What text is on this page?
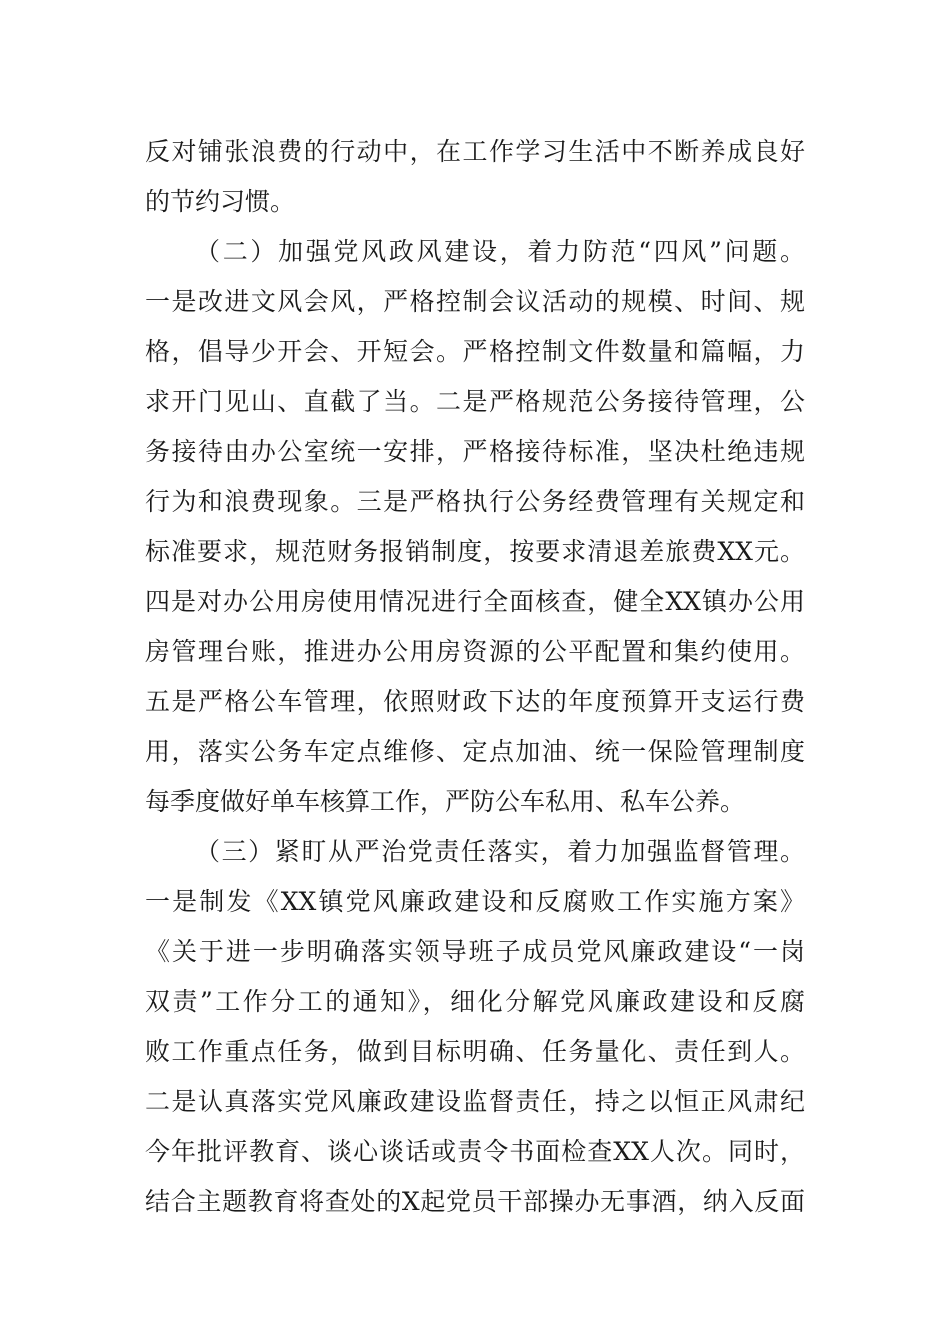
反对铺张浪费的行动中，在工作学习生活中不断养成良好
的节约习惯。
（二）加强党风政风建设，着力防范“四风”问题。
一是改进文风会风，严格控制会议活动的规模、时间、规
格，倡导少开会、开短会。严格控制文件数量和篇幅，力
求开门见山、直截了当。二是严格规范公务接待管理，公
务接待由办公室统一安排，严格接待标准，坚决杜绝违规
行为和浪费现象。三是严格执行公务经费管理有关规定和
标准要求，规范财务报销制度，按要求清退差旅费XX元。
四是对办公用房使用情况进行全面核查，健全XX镇办公用
房管理台账，推进办公用房资源的公平配置和集约使用。
五是严格公车管理，依照财政下达的年度预算开支运行费
用，落实公务车定点维修、定点加油、统一保险管理制度
每季度做好单车核算工作，严防公车私用、私车公养。
（三）紧盯从严治党责任落实，着力加强监督管理。
一是制发《XX镇党风廉政建设和反腐败工作实施方案》
《关于进一步明确落实领导班子成员党风廉政建设“一岗
双责”工作分工的通知》，细化分解党风廉政建设和反腐
败工作重点任务，做到目标明确、任务量化、责任到人。
二是认真落实党风廉政建设监督责任，持之以恒正风肃纪
今年批评教育、谈心谈话或责令书面检查XX人次。同时，
结合主题教育将查处的X起党员干部操办无事酒，纳入反面
